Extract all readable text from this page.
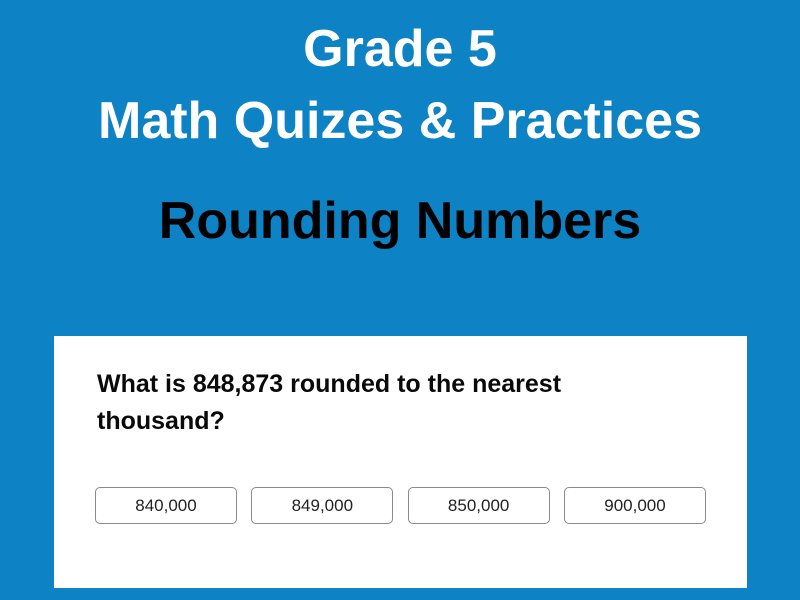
Grade 5
Math Quizes & Practices
Rounding Numbers
What is 848,873 rounded to the nearest thousand?
840,000	849,000	850,000	900,000
